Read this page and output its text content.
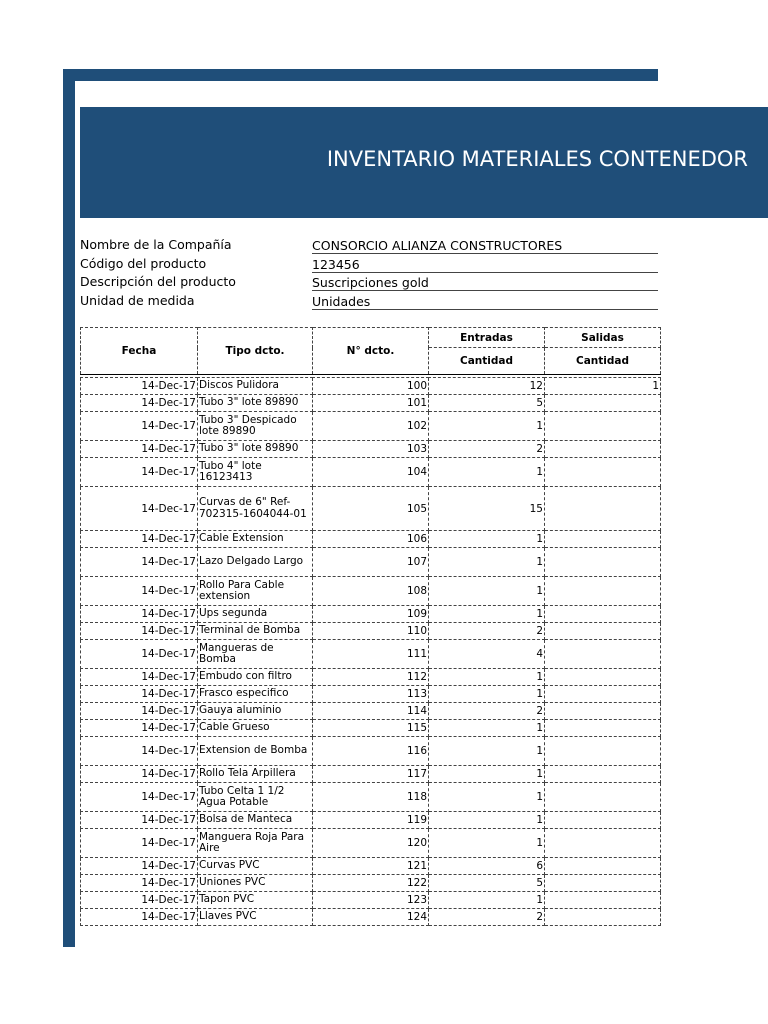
INVENTARIO MATERIALES CONTENEDOR
Nombre de la Compañía	CONSORCIO ALIANZA CONSTRUCTORES
Código del producto	123456
Descripción del producto	Suscripciones gold
Unidad de medida	Unidades
Fecha	Tipo dcto.	N° dcto.	Entradas	Salidas
			Cantidad	Cantidad

14-Dec-17	Discos Pulidora	100	12	1
14-Dec-17	Tubo 3" lote 89890	101	5	
14-Dec-17	Tubo 3" Despicado lote 89890	102	1	
14-Dec-17	Tubo 3" lote 89890	103	2	
14-Dec-17	Tubo 4" lote 16123413	104	1	
14-Dec-17	Curvas de 6" Ref-702315-1604044-01	105	15	
14-Dec-17	Cable Extension	106	1	
14-Dec-17	Lazo Delgado Largo	107	1	
14-Dec-17	Rollo Para Cable extension	108	1	
14-Dec-17	Ups segunda	109	1	
14-Dec-17	Terminal de Bomba	110	2	
14-Dec-17	Mangueras de Bomba	111	4	
14-Dec-17	Embudo con filtro	112	1	
14-Dec-17	Frasco especifico	113	1	
14-Dec-17	Gauya aluminio	114	2	
14-Dec-17	Cable Grueso	115	1	
14-Dec-17	Extension de Bomba	116	1	
14-Dec-17	Rollo Tela Arpillera	117	1	
14-Dec-17	Tubo Celta 1 1/2 Agua Potable	118	1	
14-Dec-17	Bolsa de Manteca	119	1	
14-Dec-17	Manguera Roja Para Aire	120	1	
14-Dec-17	Curvas PVC	121	6	
14-Dec-17	Uniones PVC	122	5	
14-Dec-17	Tapon PVC	123	1	
14-Dec-17	Llaves PVC	124	2	
